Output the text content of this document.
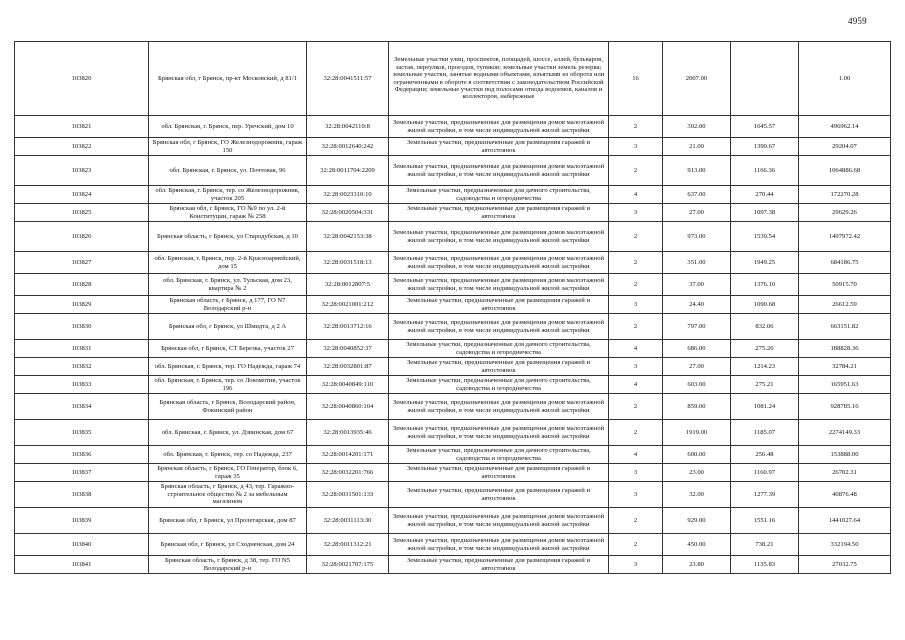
4959
103820	Брянская обл, г Брянск, пр-кт Московский, д 81/1	32:28:0041511:57	Земельные участки улиц, проспектов, площадей, шоссе, аллей, бульваров, застав, переулков, проездов, тупиков; земельные участки земель резерва; земельные участки, занятые водными объектами, изъятыми из оборота или ограниченными в обороте в соответствии с законодательством Российской Федерации; земельные участки под полосами отвода водоемов, каналов и коллекторов, набережные	16	2007.00		1.00
103821	обл. Брянская, г. Брянск, пер. Уречский, дом 10	32:28:0042110:8	Земельные участки, предназначенные для размещения домов малоэтажной жилой застройки, в том числе индивидуальной жилой застройки	2	302.00	1645.57	496962.14
103822	Брянская обл, г Брянск, ГО Железнодорожник, гараж 150	32:28:0012640:242	Земельные участки, предназначенные для размещения гаражей и автостоянок	3	21.00	1390.67	29204.07
103823	обл. Брянская, г. Брянск, ул. Почтовая, 96	32:28:0011704:2209	Земельные участки, предназначенные для размещения домов малоэтажной жилой застройки, в том числе индивидуальной жилой застройки	2	913.00	1166.36	1064886.68
103824	обл. Брянская, г. Брянск, тер. со Железнодорожник, участок 205	32:28:0023310:10	Земельные участки, предназначенные для дачного строительства, садоводства и огородничества	4	637.00	270.44	172270.28
103825	Брянская обл, г Брянск, ГО №9 по ул. 2-й Конституции, гараж № 258	32:28:0020504:331	Земельные участки, предназначенные для размещения гаражей и автостоянок	3	27.00	1097.38	29629.26
103826	Брянская область, г Брянск, ул Стародубская, д 10	32:28:0042153:38	Земельные участки, предназначенные для размещения домов малоэтажной жилой застройки, в том числе индивидуальной жилой застройки	2	973.00	1539.54	1497972.42
103827	обл. Брянская, г. Брянск, пер. 2-й Красноармейский, дом 15	32:28:0031518:13	Земельные участки, предназначенные для размещения домов малоэтажной жилой застройки, в том числе индивидуальной жилой застройки	2	351.00	1949.25	684186.75
103828	обл. Брянская, г. Брянск, ул. Тульская, дом 23, квартира № 2	32:28:0012807:5	Земельные участки, предназначенные для размещения домов малоэтажной жилой застройки, в том числе индивидуальной жилой застройки	2	37.00	1376.10	50915.70
103829	Брянская область, г Брянск, д 177, ГО N7 Володарский р-н	32:28:0021001:212	Земельные участки, предназначенные для размещения гаражей и автостоянок	3	24.40	1090.68	26612.59
103830	Брянская обл, г Брянск, ул Шмидта, д 2 А	32:28:0013712:16	Земельные участки, предназначенные для размещения домов малоэтажной жилой застройки, в том числе индивидуальной жилой застройки	2	797.00	832.06	663151.82
103831	Брянская обл, г Брянск, СТ Березка, участок 27	32:28:0040852:37	Земельные участки, предназначенные для дачного строительства, садоводства и огородничества	4	686.00	275.26	188828.36
103832	обл. Брянская, г. Брянск, тер. ГО Надежда, гараж 74	32:28:0032801:87	Земельные участки, предназначенные для размещения гаражей и автостоянок	3	27.00	1214.23	32784.21
103833	обл. Брянская, г. Брянск, тер. со Локомотив, участок 196	32:28:0040849:110	Земельные участки, предназначенные для дачного строительства, садоводства и огородничества	4	603.00	275.21	165951.63
103834	Брянская область, г Брянск, Володарский район, Фокинский район	32:28:0040860:104	Земельные участки, предназначенные для размещения домов малоэтажной жилой застройки, в том числе индивидуальной жилой застройки	2	859.00	1081.24	928785.16
103835	обл. Брянская, г. Брянск, ул. Дзвинская, дом 67	32:28:0013935:46	Земельные участки, предназначенные для размещения домов малоэтажной жилой застройки, в том числе индивидуальной жилой застройки	2	1919.00	1185.07	2274149.33
103836	обл. Брянская, г. Брянск, тер. со Надежда, 237	32:28:0014201:171	Земельные участки, предназначенные для дачного строительства, садоводства и огородничества	4	600.00	256.48	153888.00
103837	Брянская область, г Брянск, ГО Генератор, блок 6, гараж 35	32:28:0032201:766	Земельные участки, предназначенные для размещения гаражей и автостоянок	3	23.00	1160.97	26702.31
103838	Брянская область, г Брянск, д 43, тер. Гаражно-строительное общество № 2 за мебельным магазином	32:28:0031501:133	Земельные участки, предназначенные для размещения гаражей и автостоянок	3	32.00	1277.39	40876.48
103839	Брянская обл, г Брянск, ул Пролетарская, дом 87	32:28:0031113:30	Земельные участки, предназначенные для размещения домов малоэтажной жилой застройки, в том числе индивидуальной жилой застройки	2	929.00	1551.16	1441027.64
103840	Брянская обл, г Брянск, ул Сходненская, дом 24	32:28:0011312:21	Земельные участки, предназначенные для размещения домов малоэтажной жилой застройки, в том числе индивидуальной жилой застройки	2	450.00	738.21	332194.50
103841	Брянская область, г Брянск, д 38, тер. ГО N5 Володарский р-н	32:28:0021707:175	Земельные участки, предназначенные для размещения гаражей и автостоянок	3	23.80	1135.83	27032.75
